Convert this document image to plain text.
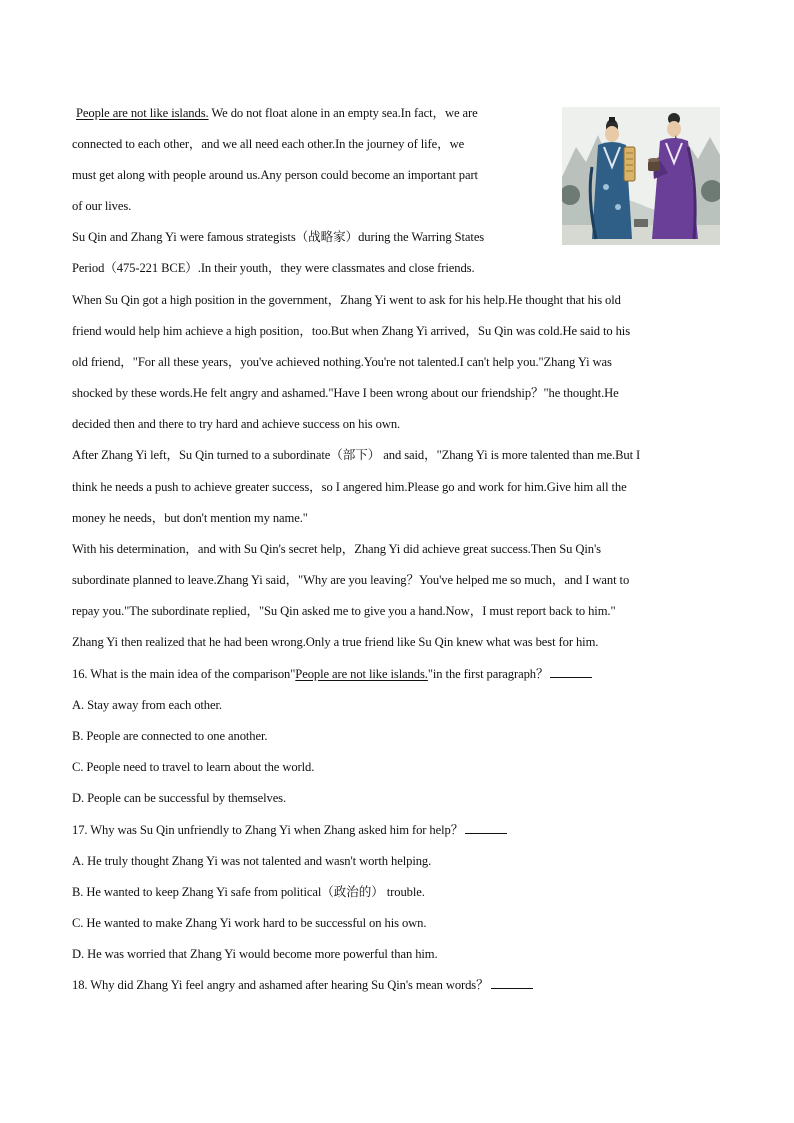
People are not like islands. We do not float alone in an empty sea.In fact，we are
connected to each other，and we all need each other.In the journey of life，we
must get along with people around us.Any person could become an important part
of our lives.
Su Qin and Zhang Yi were famous strategists（战略家）during the Warring States
Period（475-221 BCE）.In their youth，they were classmates and close friends.
When Su Qin got a high position in the government，Zhang Yi went to ask for his help.He thought that his old
friend would help him achieve a high position，too.But when Zhang Yi arrived，Su Qin was cold.He said to his
old friend，"For all these years，you've achieved nothing.You're not talented.I can't help you."Zhang Yi was
shocked by these words.He felt angry and ashamed."Have I been wrong about our friendship？"he thought.He
decided then and there to try hard and achieve success on his own.
After Zhang Yi left，Su Qin turned to a subordinate（部下） and said，"Zhang Yi is more talented than me.But I
think he needs a push to achieve greater success，so I angered him.Please go and work for him.Give him all the
money he needs，but don't mention my name."
With his determination，and with Su Qin's secret help，Zhang Yi did achieve great success.Then Su Qin's
subordinate planned to leave.Zhang Yi said，"Why are you leaving？You've helped me so much，and I want to
repay you."The subordinate replied，"Su Qin asked me to give you a hand.Now，I must report back to him."
Zhang Yi then realized that he had been wrong.Only a true friend like Su Qin knew what was best for him.
16. What is the main idea of the comparison"People are not like islands."in the first paragraph？
A. Stay away from each other.
B. People are connected to one another.
C. People need to travel to learn about the world.
D. People can be successful by themselves.
17. Why was Su Qin unfriendly to Zhang Yi when Zhang asked him for help？
A. He truly thought Zhang Yi was not talented and wasn't worth helping.
B. He wanted to keep Zhang Yi safe from political（政治的） trouble.
C. He wanted to make Zhang Yi work hard to be successful on his own.
D. He was worried that Zhang Yi would become more powerful than him.
18. Why did Zhang Yi feel angry and ashamed after hearing Su Qin's mean words？
